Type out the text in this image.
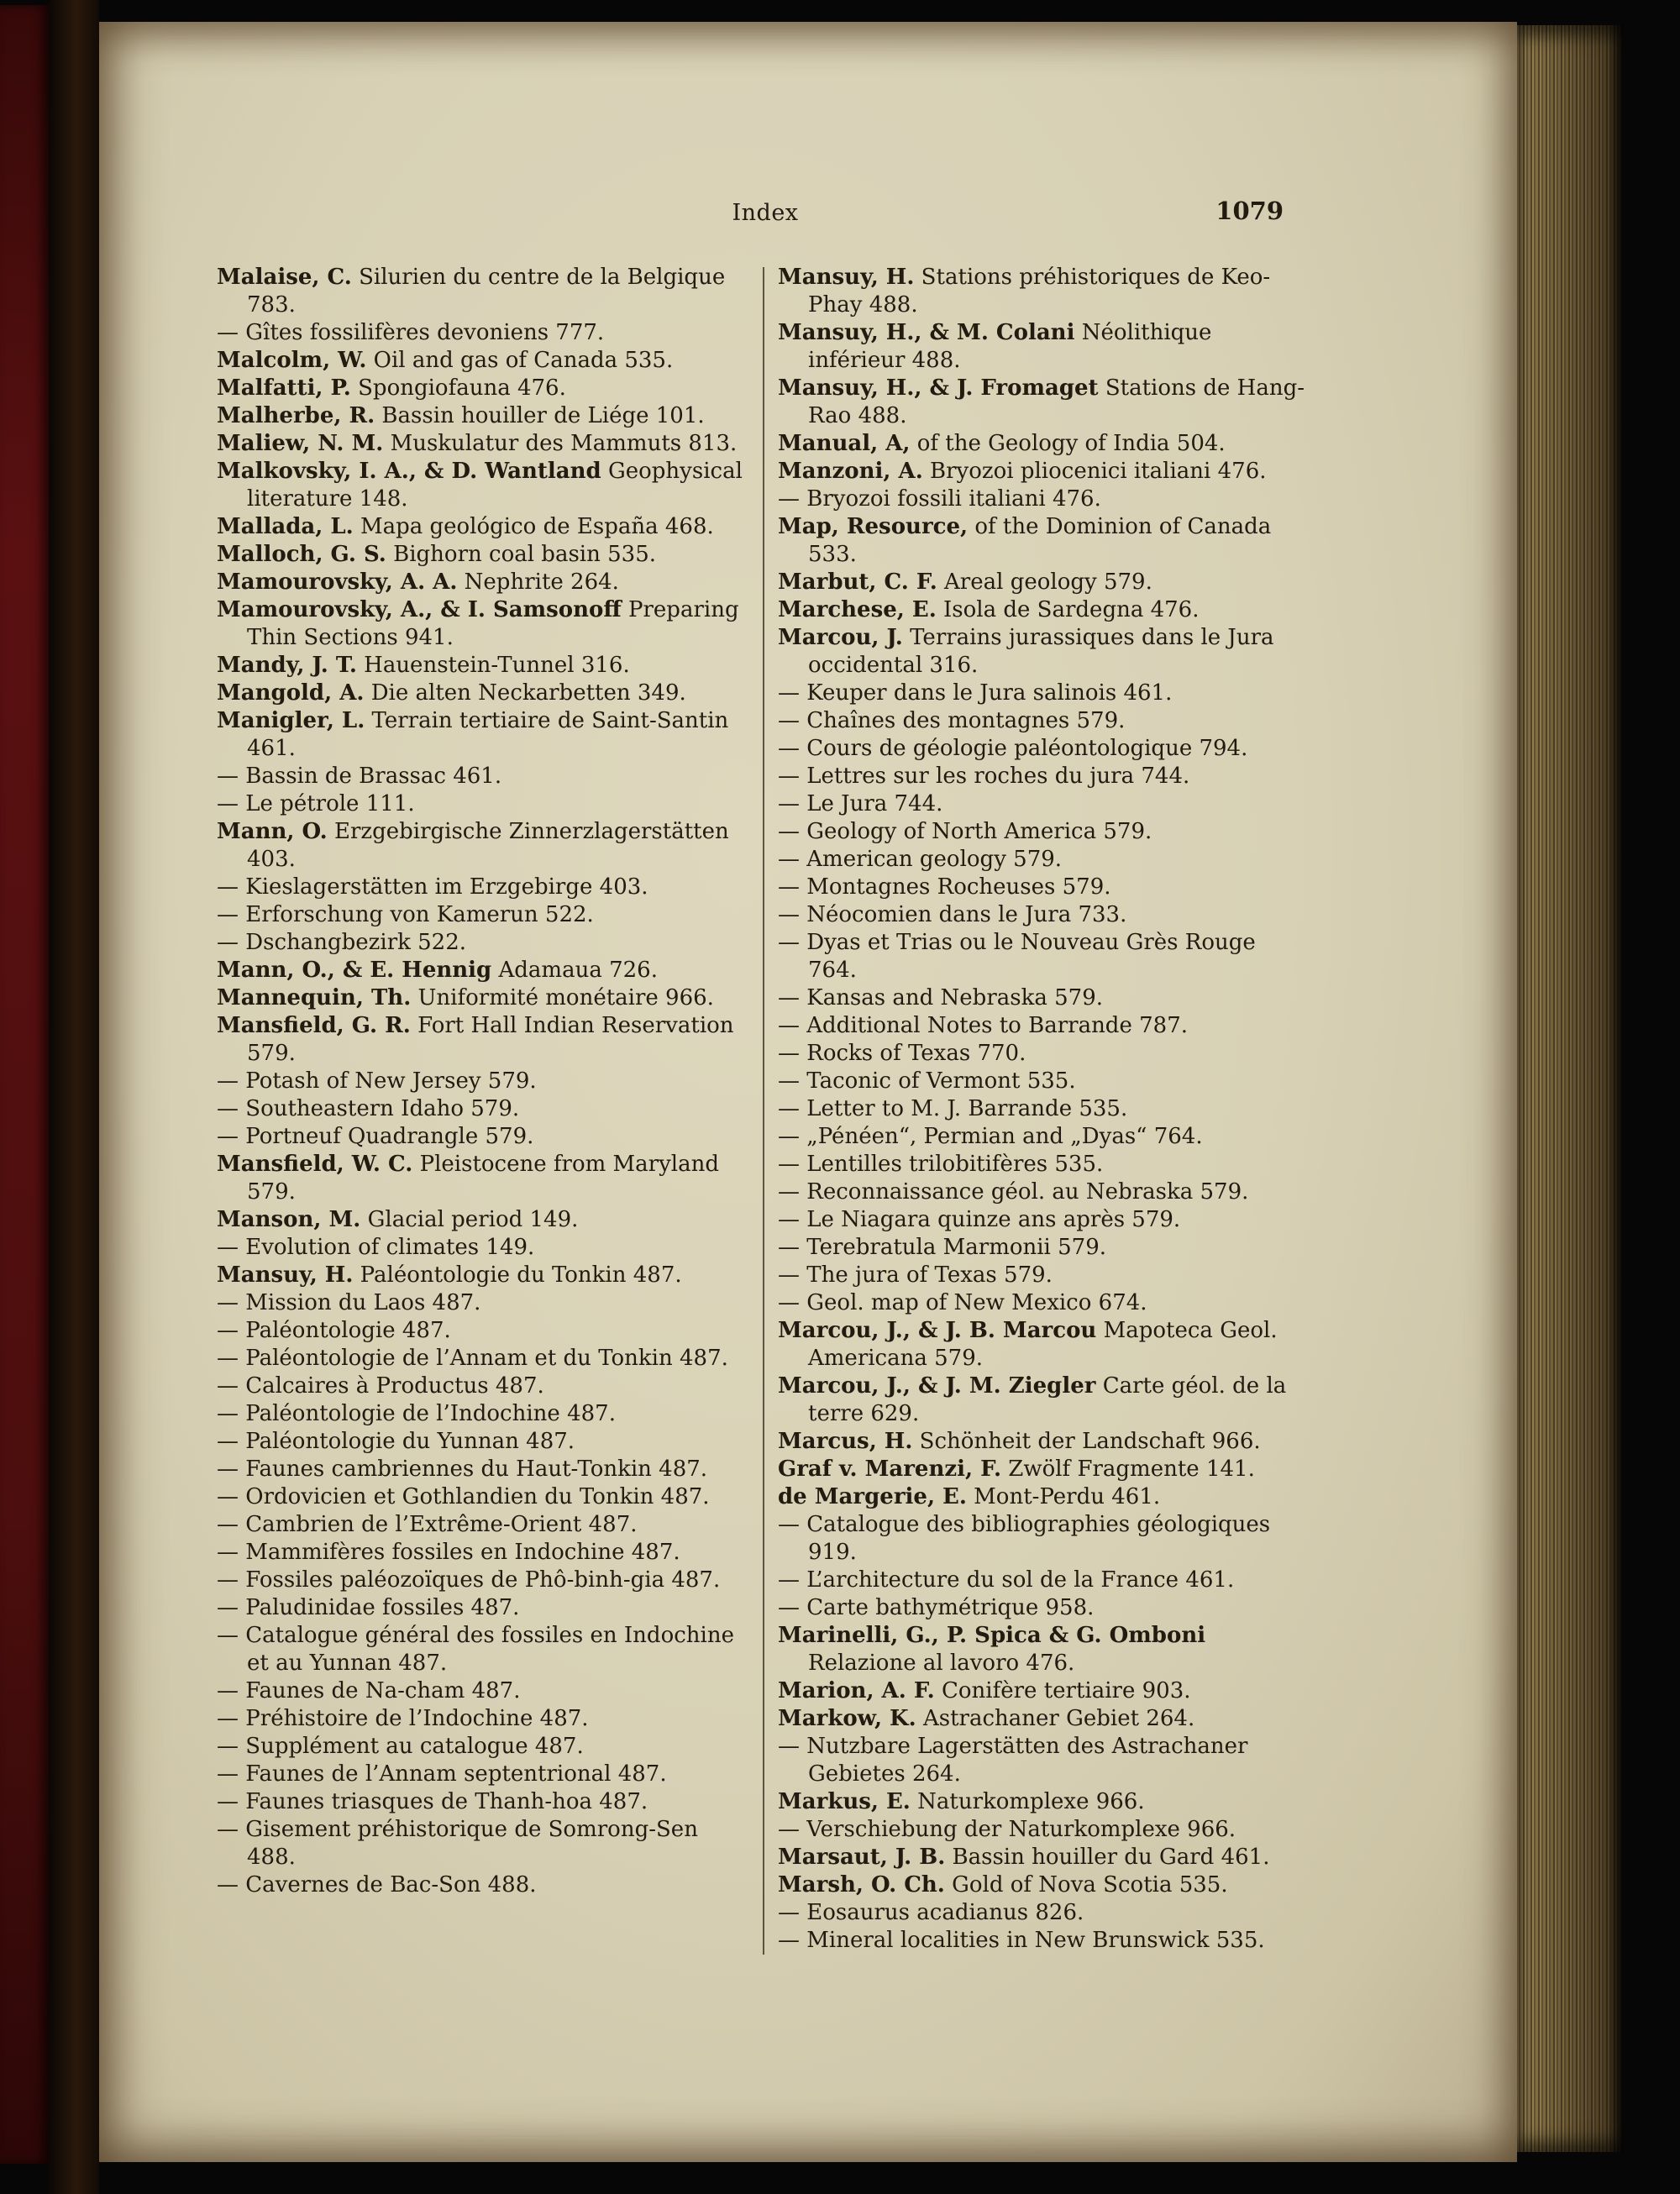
Index	1079
Malaise, C. Silurien du centre de la Belgique 783.
— Gîtes fossilifères devoniens 777.
Malcolm, W. Oil and gas of Canada 535.
Malfatti, P. Spongiofauna 476.
Malherbe, R. Bassin houiller de Liége 101.
Maliew, N. M. Muskulatur des Mammuts 813.
Malkovsky, I. A., & D. Wantland Geophysical literature 148.
Mallada, L. Mapa geológico de España 468.
Malloch, G. S. Bighorn coal basin 535.
Mamourovsky, A. A. Nephrite 264.
Mamourovsky, A., & I. Samsonoff Preparing Thin Sections 941.
Mandy, J. T. Hauenstein-Tunnel 316.
Mangold, A. Die alten Neckarbetten 349.
Manigler, L. Terrain tertiaire de Saint-Santin 461.
— Bassin de Brassac 461.
— Le pétrole 111.
Mann, O. Erzgebirgische Zinnerzlagerstätten 403.
— Kieslagerstätten im Erzgebirge 403.
— Erforschung von Kamerun 522.
— Dschangbezirk 522.
Mann, O., & E. Hennig Adamaua 726.
Mannequin, Th. Uniformité monétaire 966.
Mansfield, G. R. Fort Hall Indian Reservation 579.
— Potash of New Jersey 579.
— Southeastern Idaho 579.
— Portneuf Quadrangle 579.
Mansfield, W. C. Pleistocene from Maryland 579.
Manson, M. Glacial period 149.
— Evolution of climates 149.
Mansuy, H. Paléontologie du Tonkin 487.
— Mission du Laos 487.
— Paléontologie 487.
— Paléontologie de l’Annam et du Tonkin 487.
— Calcaires à Productus 487.
— Paléontologie de l’Indochine 487.
— Paléontologie du Yunnan 487.
— Faunes cambriennes du Haut-Tonkin 487.
— Ordovicien et Gothlandien du Tonkin 487.
— Cambrien de l’Extrême-Orient 487.
— Mammifères fossiles en Indochine 487.
— Fossiles paléozoïques de Phô-binh-gia 487.
— Paludinidae fossiles 487.
— Catalogue général des fossiles en Indochine et au Yunnan 487.
— Faunes de Na-cham 487.
— Préhistoire de l’Indochine 487.
— Supplément au catalogue 487.
— Faunes de l’Annam septentrional 487.
— Faunes triasques de Thanh-hoa 487.
— Gisement préhistorique de Somrong-Sen 488.
— Cavernes de Bac-Son 488.
Mansuy, H. Stations préhistoriques de Keo-Phay 488.
Mansuy, H., & M. Colani Néolithique inférieur 488.
Mansuy, H., & J. Fromaget Stations de Hang-Rao 488.
Manual, A, of the Geology of India 504.
Manzoni, A. Bryozoi pliocenici italiani 476.
— Bryozoi fossili italiani 476.
Map, Resource, of the Dominion of Canada 533.
Marbut, C. F. Areal geology 579.
Marchese, E. Isola de Sardegna 476.
Marcou, J. Terrains jurassiques dans le Jura occidental 316.
— Keuper dans le Jura salinois 461.
— Chaînes des montagnes 579.
— Cours de géologie paléontologique 794.
— Lettres sur les roches du jura 744.
— Le Jura 744.
— Geology of North America 579.
— American geology 579.
— Montagnes Rocheuses 579.
— Néocomien dans le Jura 733.
— Dyas et Trias ou le Nouveau Grès Rouge 764.
— Kansas and Nebraska 579.
— Additional Notes to Barrande 787.
— Rocks of Texas 770.
— Taconic of Vermont 535.
— Letter to M. J. Barrande 535.
— „Pénéen“, Permian and „Dyas“ 764.
— Lentilles trilobitifères 535.
— Reconnaissance géol. au Nebraska 579.
— Le Niagara quinze ans après 579.
— Terebratula Marmonii 579.
— The jura of Texas 579.
— Geol. map of New Mexico 674.
Marcou, J., & J. B. Marcou Mapoteca Geol. Americana 579.
Marcou, J., & J. M. Ziegler Carte géol. de la terre 629.
Marcus, H. Schönheit der Landschaft 966.
Graf v. Marenzi, F. Zwölf Fragmente 141.
de Margerie, E. Mont-Perdu 461.
— Catalogue des bibliographies géologiques 919.
— L’architecture du sol de la France 461.
— Carte bathymétrique 958.
Marinelli, G., P. Spica & G. Omboni Relazione al lavoro 476.
Marion, A. F. Conifère tertiaire 903.
Markow, K. Astrachaner Gebiet 264.
— Nutzbare Lagerstätten des Astrachaner Gebietes 264.
Markus, E. Naturkomplexe 966.
— Verschiebung der Naturkomplexe 966.
Marsaut, J. B. Bassin houiller du Gard 461.
Marsh, O. Ch. Gold of Nova Scotia 535.
— Eosaurus acadianus 826.
— Mineral localities in New Brunswick 535.
